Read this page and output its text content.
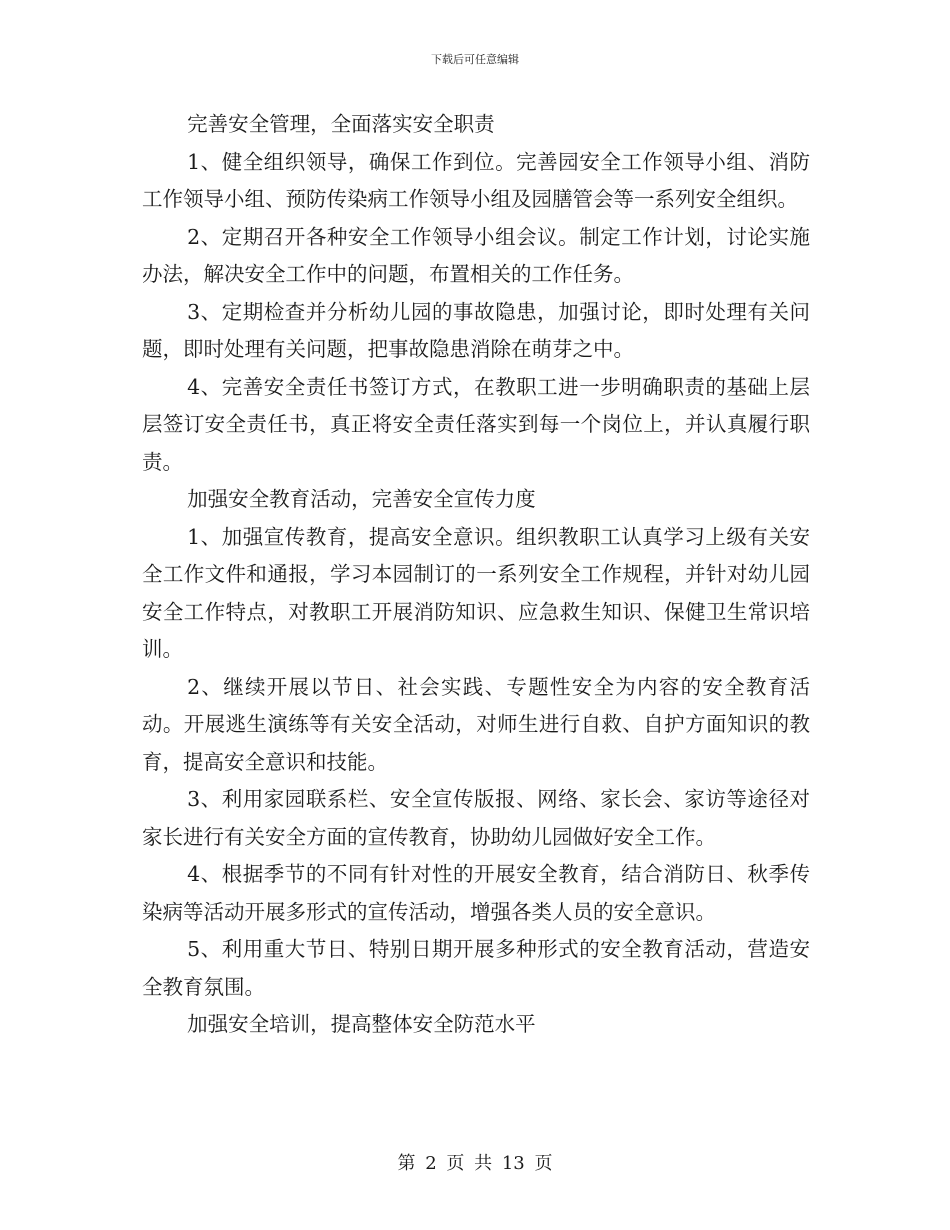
下载后可任意编辑

完善安全管理，全面落实安全职责

1、健全组织领导，确保工作到位。完善园安全工作领导小组、消防工作领导小组、预防传染病工作领导小组及园膳管会等一系列安全组织。

2、定期召开各种安全工作领导小组会议。制定工作计划，讨论实施办法，解决安全工作中的问题，布置相关的工作任务。

3、定期检查并分析幼儿园的事故隐患，加强讨论，即时处理有关问题，即时处理有关问题，把事故隐患消除在萌芽之中。

4、完善安全责任书签订方式，在教职工进一步明确职责的基础上层层签订安全责任书，真正将安全责任落实到每一个岗位上，并认真履行职责。

加强安全教育活动，完善安全宣传力度

1、加强宣传教育，提高安全意识。组织教职工认真学习上级有关安全工作文件和通报，学习本园制订的一系列安全工作规程，并针对幼儿园安全工作特点，对教职工开展消防知识、应急救生知识、保健卫生常识培训。

2、继续开展以节日、社会实践、专题性安全为内容的安全教育活动。开展逃生演练等有关安全活动，对师生进行自救、自护方面知识的教育，提高安全意识和技能。

3、利用家园联系栏、安全宣传版报、网络、家长会、家访等途径对家长进行有关安全方面的宣传教育，协助幼儿园做好安全工作。

4、根据季节的不同有针对性的开展安全教育，结合消防日、秋季传染病等活动开展多形式的宣传活动，增强各类人员的安全意识。

5、利用重大节日、特别日期开展多种形式的安全教育活动，营造安全教育氛围。

加强安全培训，提高整体安全防范水平

第 2 页 共 13 页
